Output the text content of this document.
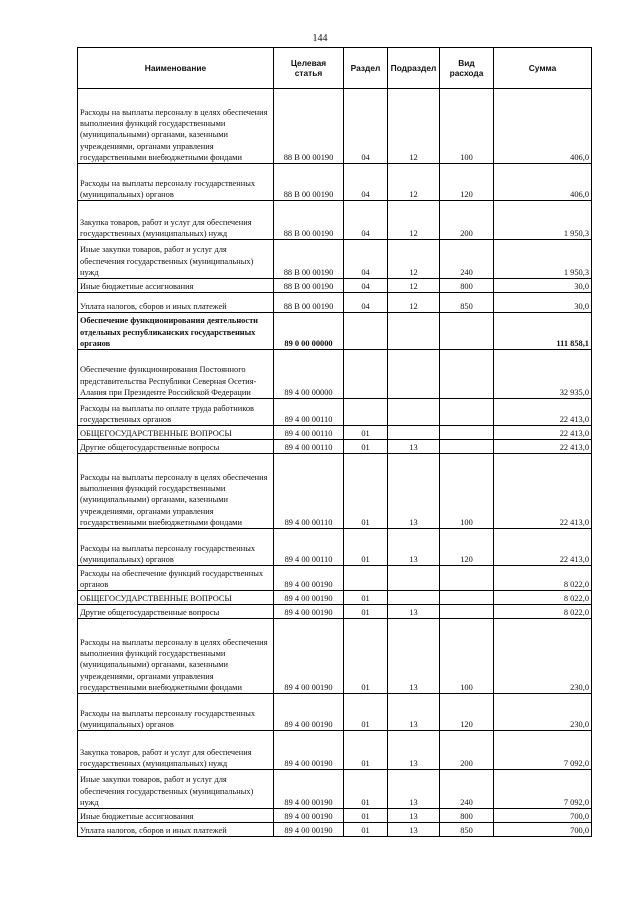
144
Наименование	Целевая статья	Раздел	Подраздел	Вид расхода	Сумма
Расходы на выплаты персоналу в целях обеспечения выполнения функций государственными (муниципальными) органами, казенными учреждениями, органами управления государственными внебюджетными фондами	88 В 00 00190	04	12	100	406,0
Расходы на выплаты персоналу государственных (муниципальных) органов	88 В 00 00190	04	12	120	406,0
Закупка товаров, работ и услуг для обеспечения государственных (муниципальных) нужд	88 В 00 00190	04	12	200	1 950,3
Иные закупки товаров, работ и услуг для обеспечения государственных (муниципальных) нужд	88 В 00 00190	04	12	240	1 950,3
Иные бюджетные ассигнования	88 В 00 00190	04	12	800	30,0
Уплата налогов, сборов и иных платежей	88 В 00 00190	04	12	850	30,0
Обеспечение функционирования деятельности отдельных республиканских государственных органов	89 0 00 00000				111 858,1
Обеспечение функционирования Постоянного представительства Республики Северная Осетия-Алания при Президенте Российской Федерации	89 4 00 00000				32 935,0
Расходы на выплаты по оплате труда работников государственных органов	89 4 00 00110				22 413,0
ОБЩЕГОСУДАРСТВЕННЫЕ ВОПРОСЫ	89 4 00 00110	01			22 413,0
Другие общегосударственные вопросы	89 4 00 00110	01	13		22 413,0
Расходы на выплаты персоналу в целях обеспечения выполнения функций государственными (муниципальными) органами, казенными учреждениями, органами управления государственными внебюджетными фондами	89 4 00 00110	01	13	100	22 413,0
Расходы на выплаты персоналу государственных (муниципальных) органов	89 4 00 00110	01	13	120	22 413,0
Расходы на обеспечение функций государственных органов	89 4 00 00190				8 022,0
ОБЩЕГОСУДАРСТВЕННЫЕ ВОПРОСЫ	89 4 00 00190	01			8 022,0
Другие общегосударственные вопросы	89 4 00 00190	01	13		8 022,0
Расходы на выплаты персоналу в целях обеспечения выполнения функций государственными (муниципальными) органами, казенными учреждениями, органами управления государственными внебюджетными фондами	89 4 00 00190	01	13	100	230,0
Расходы на выплаты персоналу государственных (муниципальных) органов	89 4 00 00190	01	13	120	230,0
Закупка товаров, работ и услуг для обеспечения государственных (муниципальных) нужд	89 4 00 00190	01	13	200	7 092,0
Иные закупки товаров, работ и услуг для обеспечения государственных (муниципальных) нужд	89 4 00 00190	01	13	240	7 092,0
Иные бюджетные ассигнования	89 4 00 00190	01	13	800	700,0
Уплата налогов, сборов и иных платежей	89 4 00 00190	01	13	850	700,0
